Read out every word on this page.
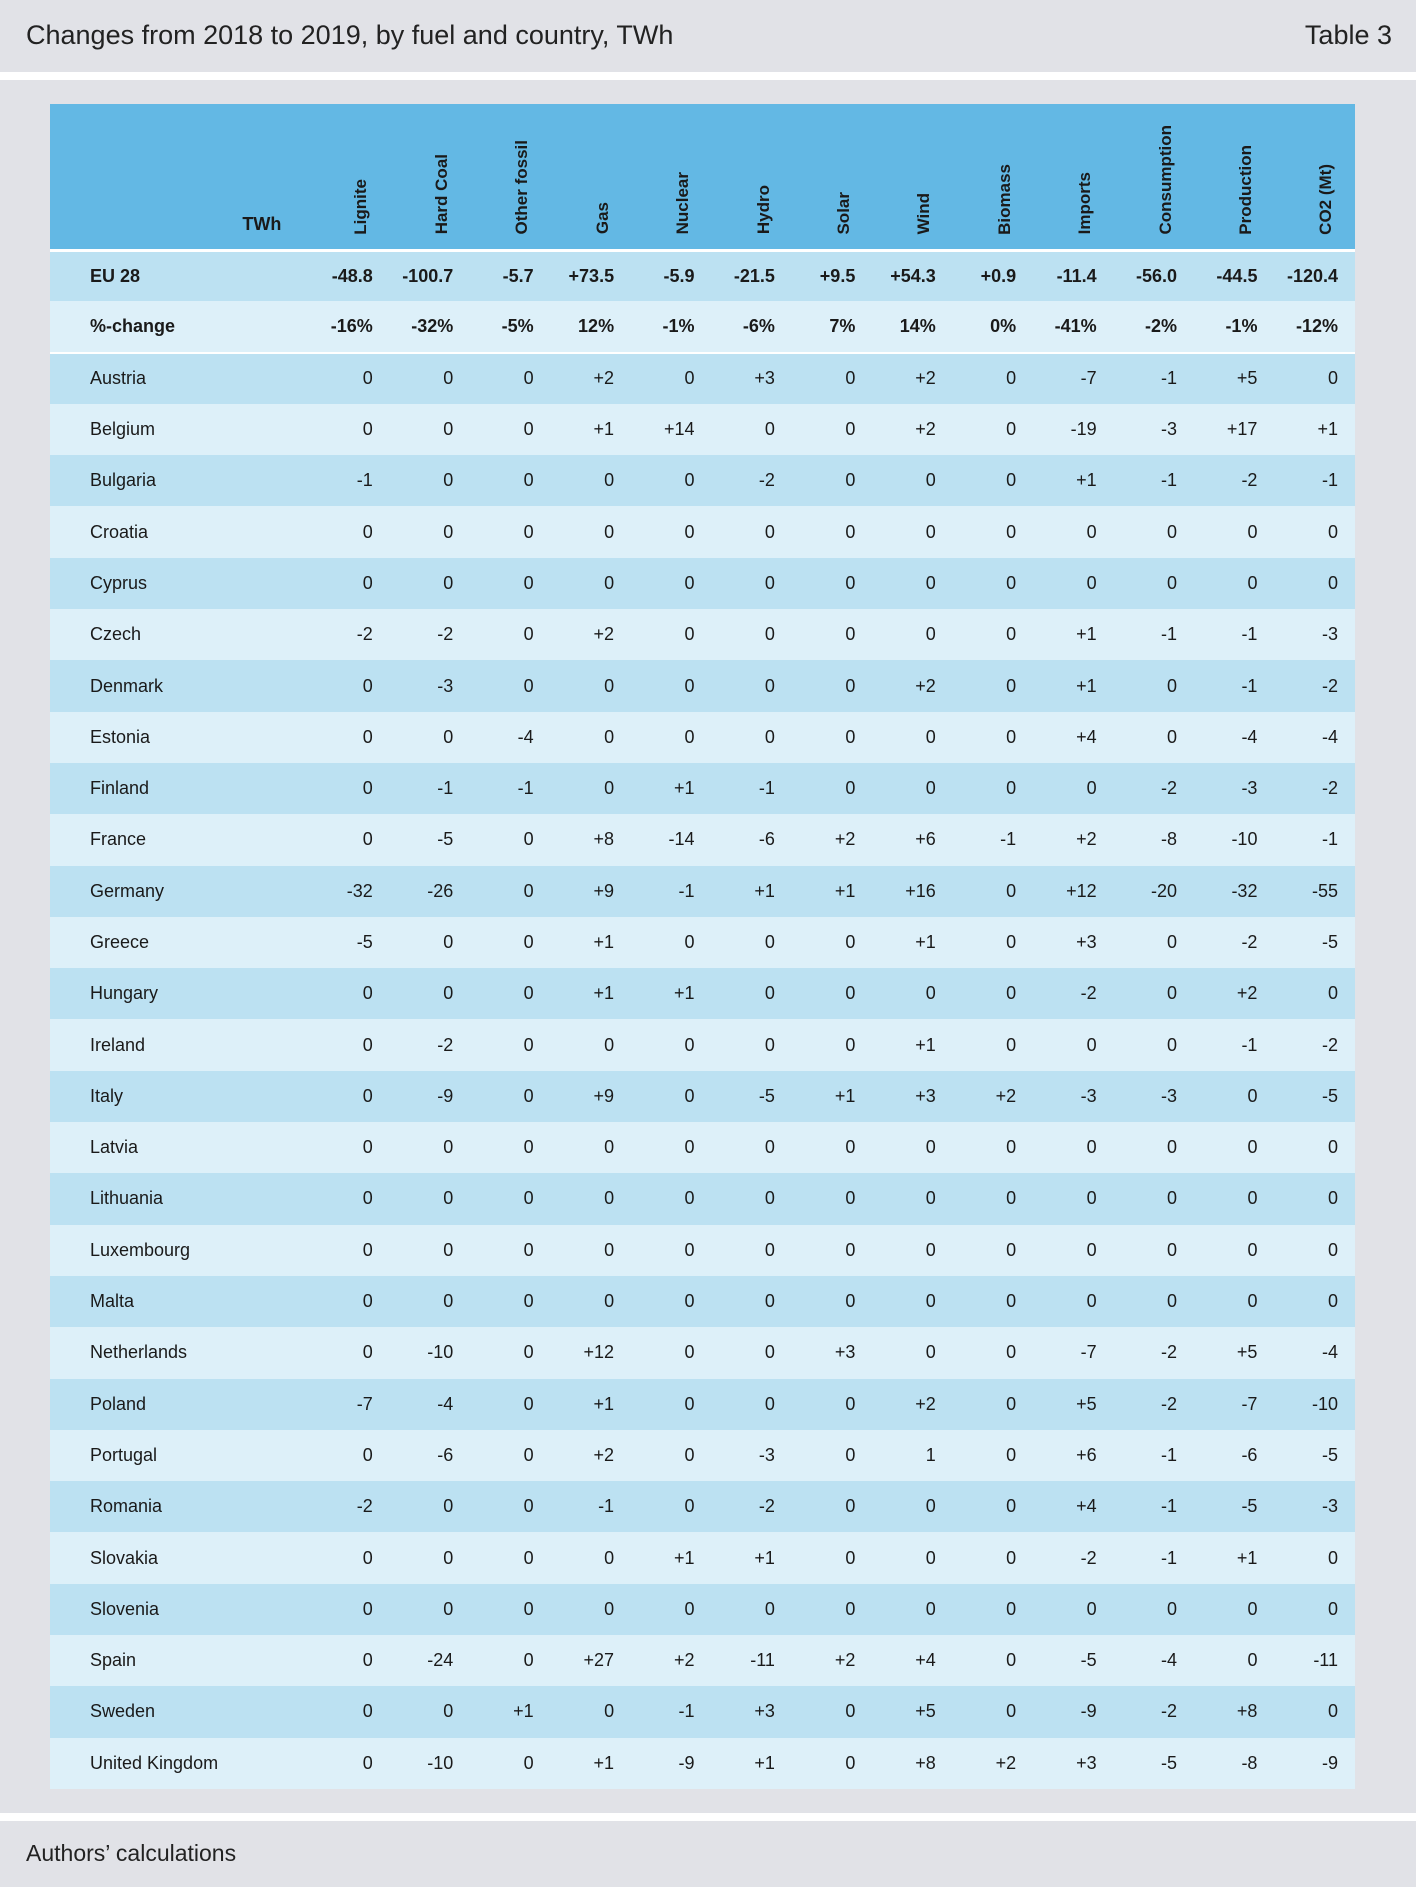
Changes from 2018 to 2019, by fuel and country, TWh	Table 3
TWh	Lignite	Hard Coal	Other fossil	Gas	Nuclear	Hydro	Solar	Wind	Biomass	Imports	Consumption	Production	CO2 (Mt)

EU 28	-48.8	-100.7	-5.7	+73.5	-5.9	-21.5	+9.5	+54.3	+0.9	-11.4	-56.0	-44.5	-120.4
%-change	-16%	-32%	-5%	12%	-1%	-6%	7%	14%	0%	-41%	-2%	-1%	-12%
Austria	0	0	0	+2	0	+3	0	+2	0	-7	-1	+5	0
Belgium	0	0	0	+1	+14	0	0	+2	0	-19	-3	+17	+1
Bulgaria	-1	0	0	0	0	-2	0	0	0	+1	-1	-2	-1
Croatia	0	0	0	0	0	0	0	0	0	0	0	0	0
Cyprus	0	0	0	0	0	0	0	0	0	0	0	0	0
Czech	-2	-2	0	+2	0	0	0	0	0	+1	-1	-1	-3
Denmark	0	-3	0	0	0	0	0	+2	0	+1	0	-1	-2
Estonia	0	0	-4	0	0	0	0	0	0	+4	0	-4	-4
Finland	0	-1	-1	0	+1	-1	0	0	0	0	-2	-3	-2
France	0	-5	0	+8	-14	-6	+2	+6	-1	+2	-8	-10	-1
Germany	-32	-26	0	+9	-1	+1	+1	+16	0	+12	-20	-32	-55
Greece	-5	0	0	+1	0	0	0	+1	0	+3	0	-2	-5
Hungary	0	0	0	+1	+1	0	0	0	0	-2	0	+2	0
Ireland	0	-2	0	0	0	0	0	+1	0	0	0	-1	-2
Italy	0	-9	0	+9	0	-5	+1	+3	+2	-3	-3	0	-5
Latvia	0	0	0	0	0	0	0	0	0	0	0	0	0
Lithuania	0	0	0	0	0	0	0	0	0	0	0	0	0
Luxembourg	0	0	0	0	0	0	0	0	0	0	0	0	0
Malta	0	0	0	0	0	0	0	0	0	0	0	0	0
Netherlands	0	-10	0	+12	0	0	+3	0	0	-7	-2	+5	-4
Poland	-7	-4	0	+1	0	0	0	+2	0	+5	-2	-7	-10
Portugal	0	-6	0	+2	0	-3	0	1	0	+6	-1	-6	-5
Romania	-2	0	0	-1	0	-2	0	0	0	+4	-1	-5	-3
Slovakia	0	0	0	0	+1	+1	0	0	0	-2	-1	+1	0
Slovenia	0	0	0	0	0	0	0	0	0	0	0	0	0
Spain	0	-24	0	+27	+2	-11	+2	+4	0	-5	-4	0	-11
Sweden	0	0	+1	0	-1	+3	0	+5	0	-9	-2	+8	0
United Kingdom	0	-10	0	+1	-9	+1	0	+8	+2	+3	-5	-8	-9
Authors’ calculations
